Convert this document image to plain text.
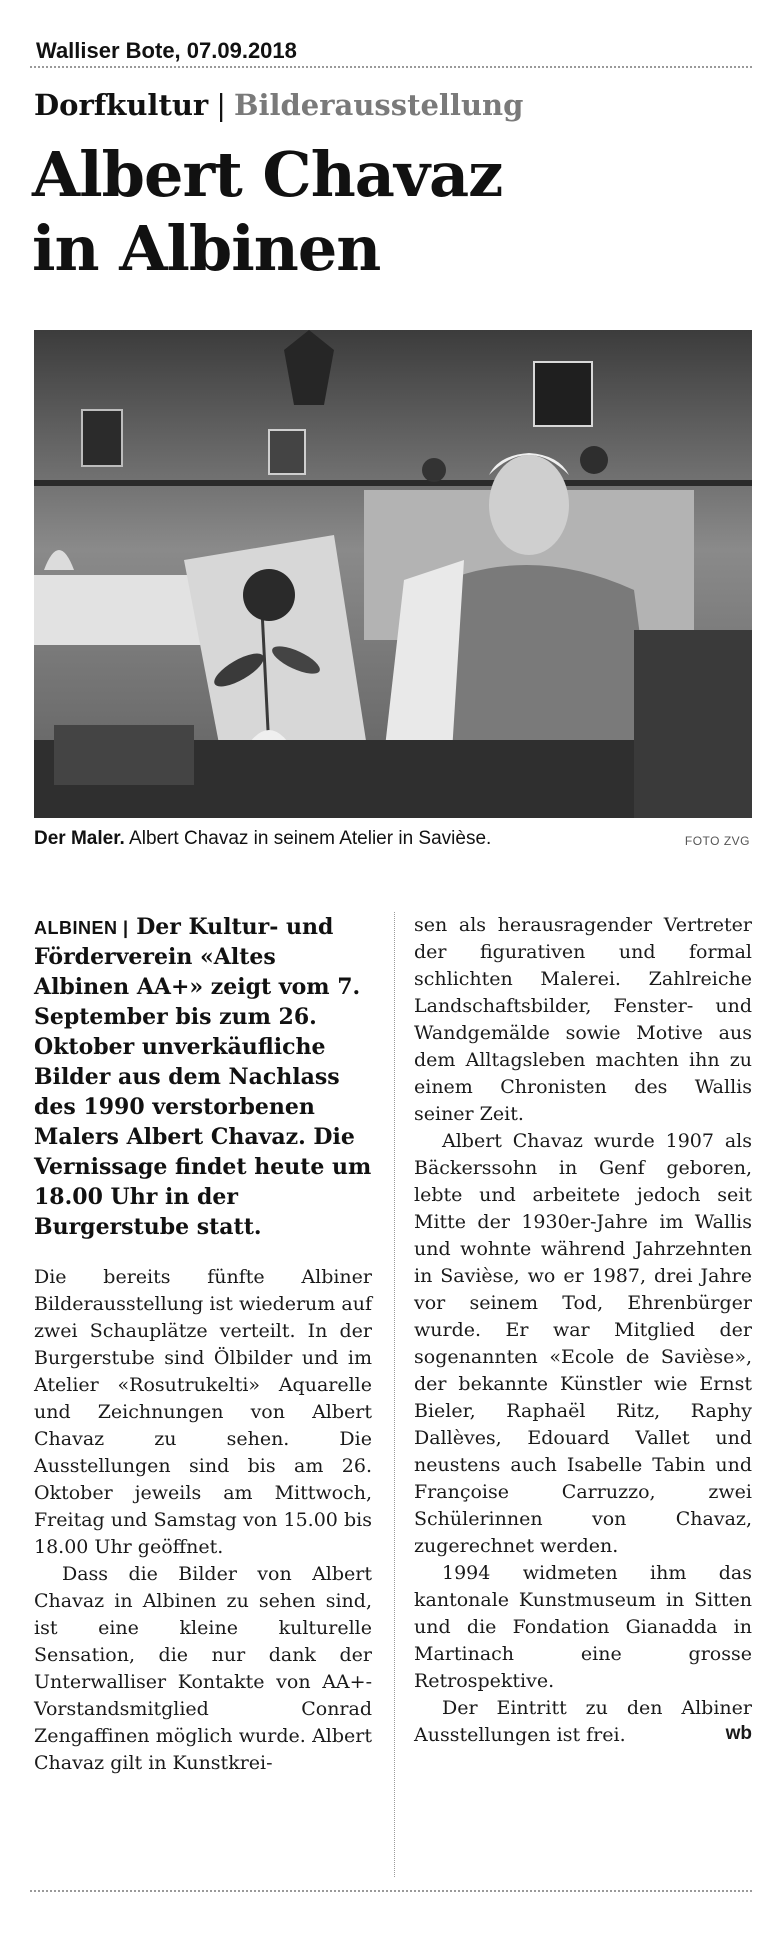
Walliser Bote, 07.09.2018
Dorfkultur | Bilderausstellung
Albert Chavaz
in Albinen
Der Maler. Albert Chavaz in seinem Atelier in Savièse.	FOTO ZVG
ALBINEN | Der Kultur- und Förderverein «Altes Albinen AA+» zeigt vom 7. September bis zum 26. Oktober unverkäufliche Bilder aus dem Nachlass des 1990 verstorbenen Malers Albert Chavaz. Die Vernissage findet heute um 18.00 Uhr in der Burgerstube statt.

Die bereits fünfte Albiner Bilderausstellung ist wiederum auf zwei Schauplätze verteilt. In der Burgerstube sind Ölbilder und im Atelier «Rosutrukelti» Aquarelle und Zeichnungen von Albert Chavaz zu sehen. Die Ausstellungen sind bis am 26. Oktober jeweils am Mittwoch, Freitag und Samstag von 15.00 bis 18.00 Uhr geöffnet.

Dass die Bilder von Albert Chavaz in Albinen zu sehen sind, ist eine kleine kulturelle Sensation, die nur dank der Unterwalliser Kontakte von AA+-Vorstandsmitglied Conrad Zengaffinen möglich wurde. Albert Chavaz gilt in Kunstkrei-

sen als herausragender Vertreter der figurativen und formal schlichten Malerei. Zahlreiche Landschaftsbilder, Fenster- und Wandgemälde sowie Motive aus dem Alltagsleben machten ihn zu einem Chronisten des Wallis seiner Zeit.

Albert Chavaz wurde 1907 als Bäckerssohn in Genf geboren, lebte und arbeitete jedoch seit Mitte der 1930er-Jahre im Wallis und wohnte während Jahrzehnten in Savièse, wo er 1987, drei Jahre vor seinem Tod, Ehrenbürger wurde. Er war Mitglied der sogenannten «Ecole de Savièse», der bekannte Künstler wie Ernst Bieler, Raphaël Ritz, Raphy Dallèves, Edouard Vallet und neustens auch Isabelle Tabin und Françoise Carruzzo, zwei Schülerinnen von Chavaz, zugerechnet werden.

1994 widmeten ihm das kantonale Kunstmuseum in Sitten und die Fondation Gianadda in Martinach eine grosse Retrospektive.

Der Eintritt zu den Albiner Ausstellungen ist frei.	wb
